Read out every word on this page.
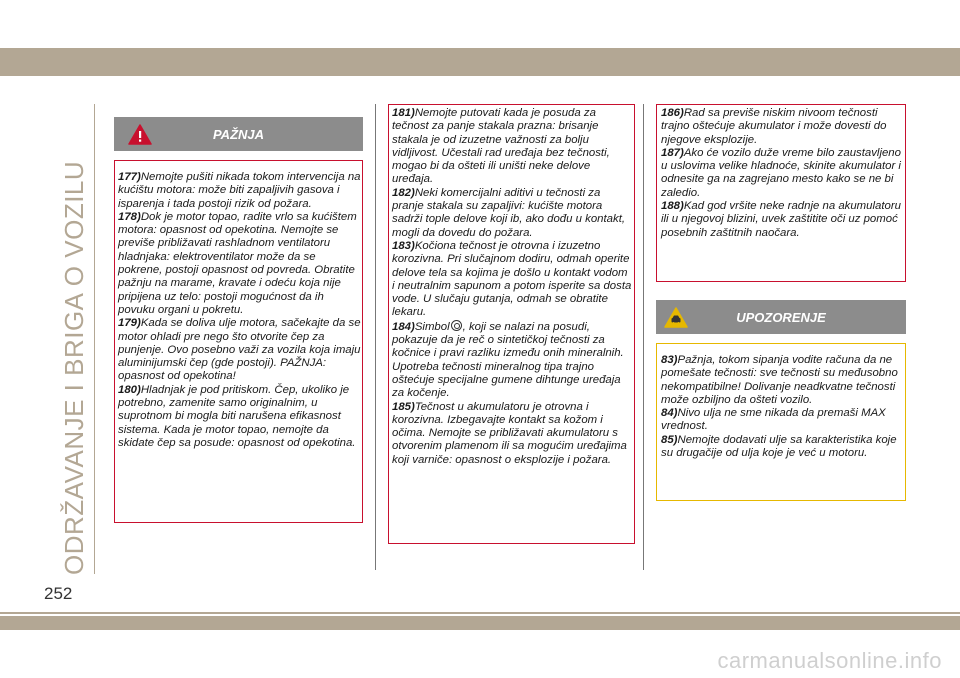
ODRŽAVANJE I BRIGA O VOZILU
252
PAŽNJA

177)Nemojte pušiti nikada tokom intervencija na kućištu motora: može biti zapaljivih gasova i isparenja i tada postoji rizik od požara.

178)Dok je motor topao, radite vrlo sa kućištem motora: opasnost od opekotina. Nemojte se previše približavati rashladnom ventilatoru hladnjaka: elektroventilator može da se pokrene, postoji opasnost od povreda. Obratite pažnju na marame, kravate i odeću koja nije pripijena uz telo: postoji mogućnost da ih povuku organi u pokretu.

179)Kada se doliva ulje motora, sačekajte da se motor ohladi pre nego što otvorite čep za punjenje. Ovo posebno važi za vozila koja imaju aluminijumski čep (gde postoji). PAŽNJA: opasnost od opekotina!

180)Hladnjak je pod pritiskom. Čep, ukoliko je potrebno, zamenite samo originalnim, u suprotnom bi mogla biti narušena efikasnost sistema. Kada je motor topao, nemojte da skidate čep sa posude: opasnost od opekotina.

181)Nemojte putovati kada je posuda za tečnost za panje stakala prazna: brisanje stakala je od izuzetne važnosti za bolju vidljivost. Učestali rad uređaja bez tečnosti, mogao bi da ošteti ili uništi neke delove uređaja.

182)Neki komercijalni aditivi u tečnosti za pranje stakala su zapaljivi: kućište motora sadrži tople delove koji ib, ako dođu u kontakt, mogli da dovedu do požara.

183)Kočiona tečnost je otrovna i izuzetno korozivna. Pri slučajnom dodiru, odmah operite delove tela sa kojima je došlo u kontakt vodom i neutralnim sapunom a potom isperite sa dosta vode. U slučaju gutanja, odmah se obratite lekaru.

184)Simbol , koji se nalazi na posudi, pokazuje da je reč o sintetičkoj tečnosti za kočnice i pravi razliku između onih mineralnih. Upotreba tečnosti mineralnog tipa trajno oštećuje specijalne gumene dihtunge uređaja za kočenje.

185)Tečnost u akumulatoru je otrovna i korozivna. Izbegavajte kontakt sa kožom i očima. Nemojte se približavati akumulatoru s otvorenim plamenom ili sa mogućim uređajima koji varniče: opasnost o eksplozije i požara.

186)Rad sa previše niskim nivoom tečnosti trajno oštećuje akumulator i može dovesti do njegove eksplozije.

187)Ako će vozilo duže vreme bilo zaustavljeno u uslovima velike hladnoće, skinite akumulator i odnesite ga na zagrejano mesto kako se ne bi zaledio.

188)Kad god vršite neke radnje na akumulatoru ili u njegovoj blizini, uvek zaštitite oči uz pomoć posebnih zaštitnih naočara.

UPOZORENJE

83)Pažnja, tokom sipanja vodite računa da ne pomešate tečnosti: sve tečnosti su međusobno nekompatibilne! Dolivanje neadkvatne tečnosti može ozbiljno da ošteti vozilo.

84)Nivo ulja ne sme nikada da premaši MAX vrednost.

85)Nemojte dodavati ulje sa karakteristika koje su drugačije od ulja koje je već u motoru.

carmanualsonline.info
